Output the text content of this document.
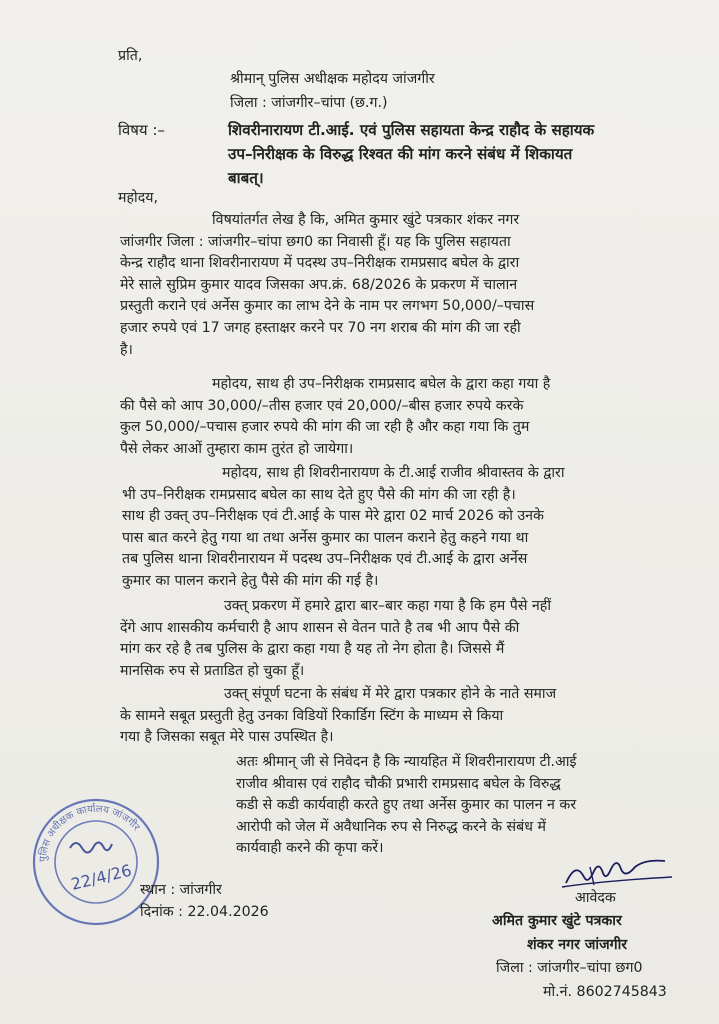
प्रति,
श्रीमान् पुलिस अधीक्षक महोदय जांजगीर
जिला : जांजगीर–चांपा (छ.ग.)
विषय :–	शिवरीनारायण टी.आई. एवं पुलिस सहायता केन्द्र राहौद के सहायक
उप–निरीक्षक के विरुद्ध रिश्वत की मांग करने संबंध में शिकायत
बाबत्।
महोदय,
विषयांतर्गत लेख है कि, अमित कुमार खुंटे पत्रकार शंकर नगर
जांजगीर जिला : जांजगीर–चांपा छग0 का निवासी हूँ। यह कि पुलिस सहायता
केन्द्र राहौद थाना शिवरीनारायण में पदस्थ उप–निरीक्षक रामप्रसाद बघेल के द्वारा
मेरे साले सुप्रिम कुमार यादव जिसका अप.क्रं. 68/2026 के प्रकरण में चालान
प्रस्तुती कराने एवं अर्नेस कुमार का लाभ देने के नाम पर लगभग 50,000/–पचास
हजार रुपये एवं 17 जगह हस्ताक्षर करने पर 70 नग शराब की मांग की जा रही
है।
महोदय, साथ ही उप–निरीक्षक रामप्रसाद बघेल के द्वारा कहा गया है
की पैसे को आप 30,000/–तीस हजार एवं 20,000/–बीस हजार रुपये करके
कुल 50,000/–पचास हजार रुपये की मांग की जा रही है और कहा गया कि तुम
पैसे लेकर आओं तुम्हारा काम तुरंत हो जायेगा।
महोदय, साथ ही शिवरीनारायण के टी.आई राजीव श्रीवास्तव के द्वारा
भी उप–निरीक्षक रामप्रसाद बघेल का साथ देते हुए पैसे की मांग की जा रही है।
साथ ही उक्त् उप–निरीक्षक एवं टी.आई के पास मेरे द्वारा 02 मार्च 2026 को उनके
पास बात करने हेतु गया था तथा अर्नेस कुमार का पालन कराने हेतु कहने गया था
तब पुलिस थाना शिवरीनारायन में पदस्थ उप–निरीक्षक एवं टी.आई के द्वारा अर्नेस
कुमार का पालन कराने हेतु पैसे की मांग की गई है।
उक्त् प्रकरण में हमारे द्वारा बार–बार कहा गया है कि हम पैसे नहीं
देंगे आप शासकीय कर्मचारी है आप शासन से वेतन पाते है तब भी आप पैसे की
मांग कर रहे है तब पुलिस के द्वारा कहा गया है यह तो नेग होता है। जिससे मैं
मानसिक रुप से प्रताडित हो चुका हूँ।
उक्त् संपूर्ण घटना के संबंध में मेरे द्वारा पत्रकार होने के नाते समाज
के सामने सबूत प्रस्तुती हेतु उनका विडियों रिकार्डिग स्टिंग के माध्यम से किया
गया है जिसका सबूत मेरे पास उपस्थित है।
अतः श्रीमान् जी से निवेदन है कि न्यायहित में शिवरीनारायण टी.आई
राजीव श्रीवास एवं राहौद चौकी प्रभारी रामप्रसाद बघेल के विरुद्ध
कडी से कडी कार्यवाही करते हुए तथा अर्नेस कुमार का पालन न कर
आरोपी को जेल में अवैधानिक रुप से निरुद्ध करने के संबंध में
कार्यवाही करने की कृपा करें।
पुलिस अधीक्षक कार्यालय जांजगीर
22/4/26 स्थान : जांजगीर
दिनांक : 22.04.2026
आवेदक
अमित कुमार खुंटे पत्रकार
शंकर नगर जांजगीर
जिला : जांजगीर–चांपा छग0
मो.नं. 8602745843
